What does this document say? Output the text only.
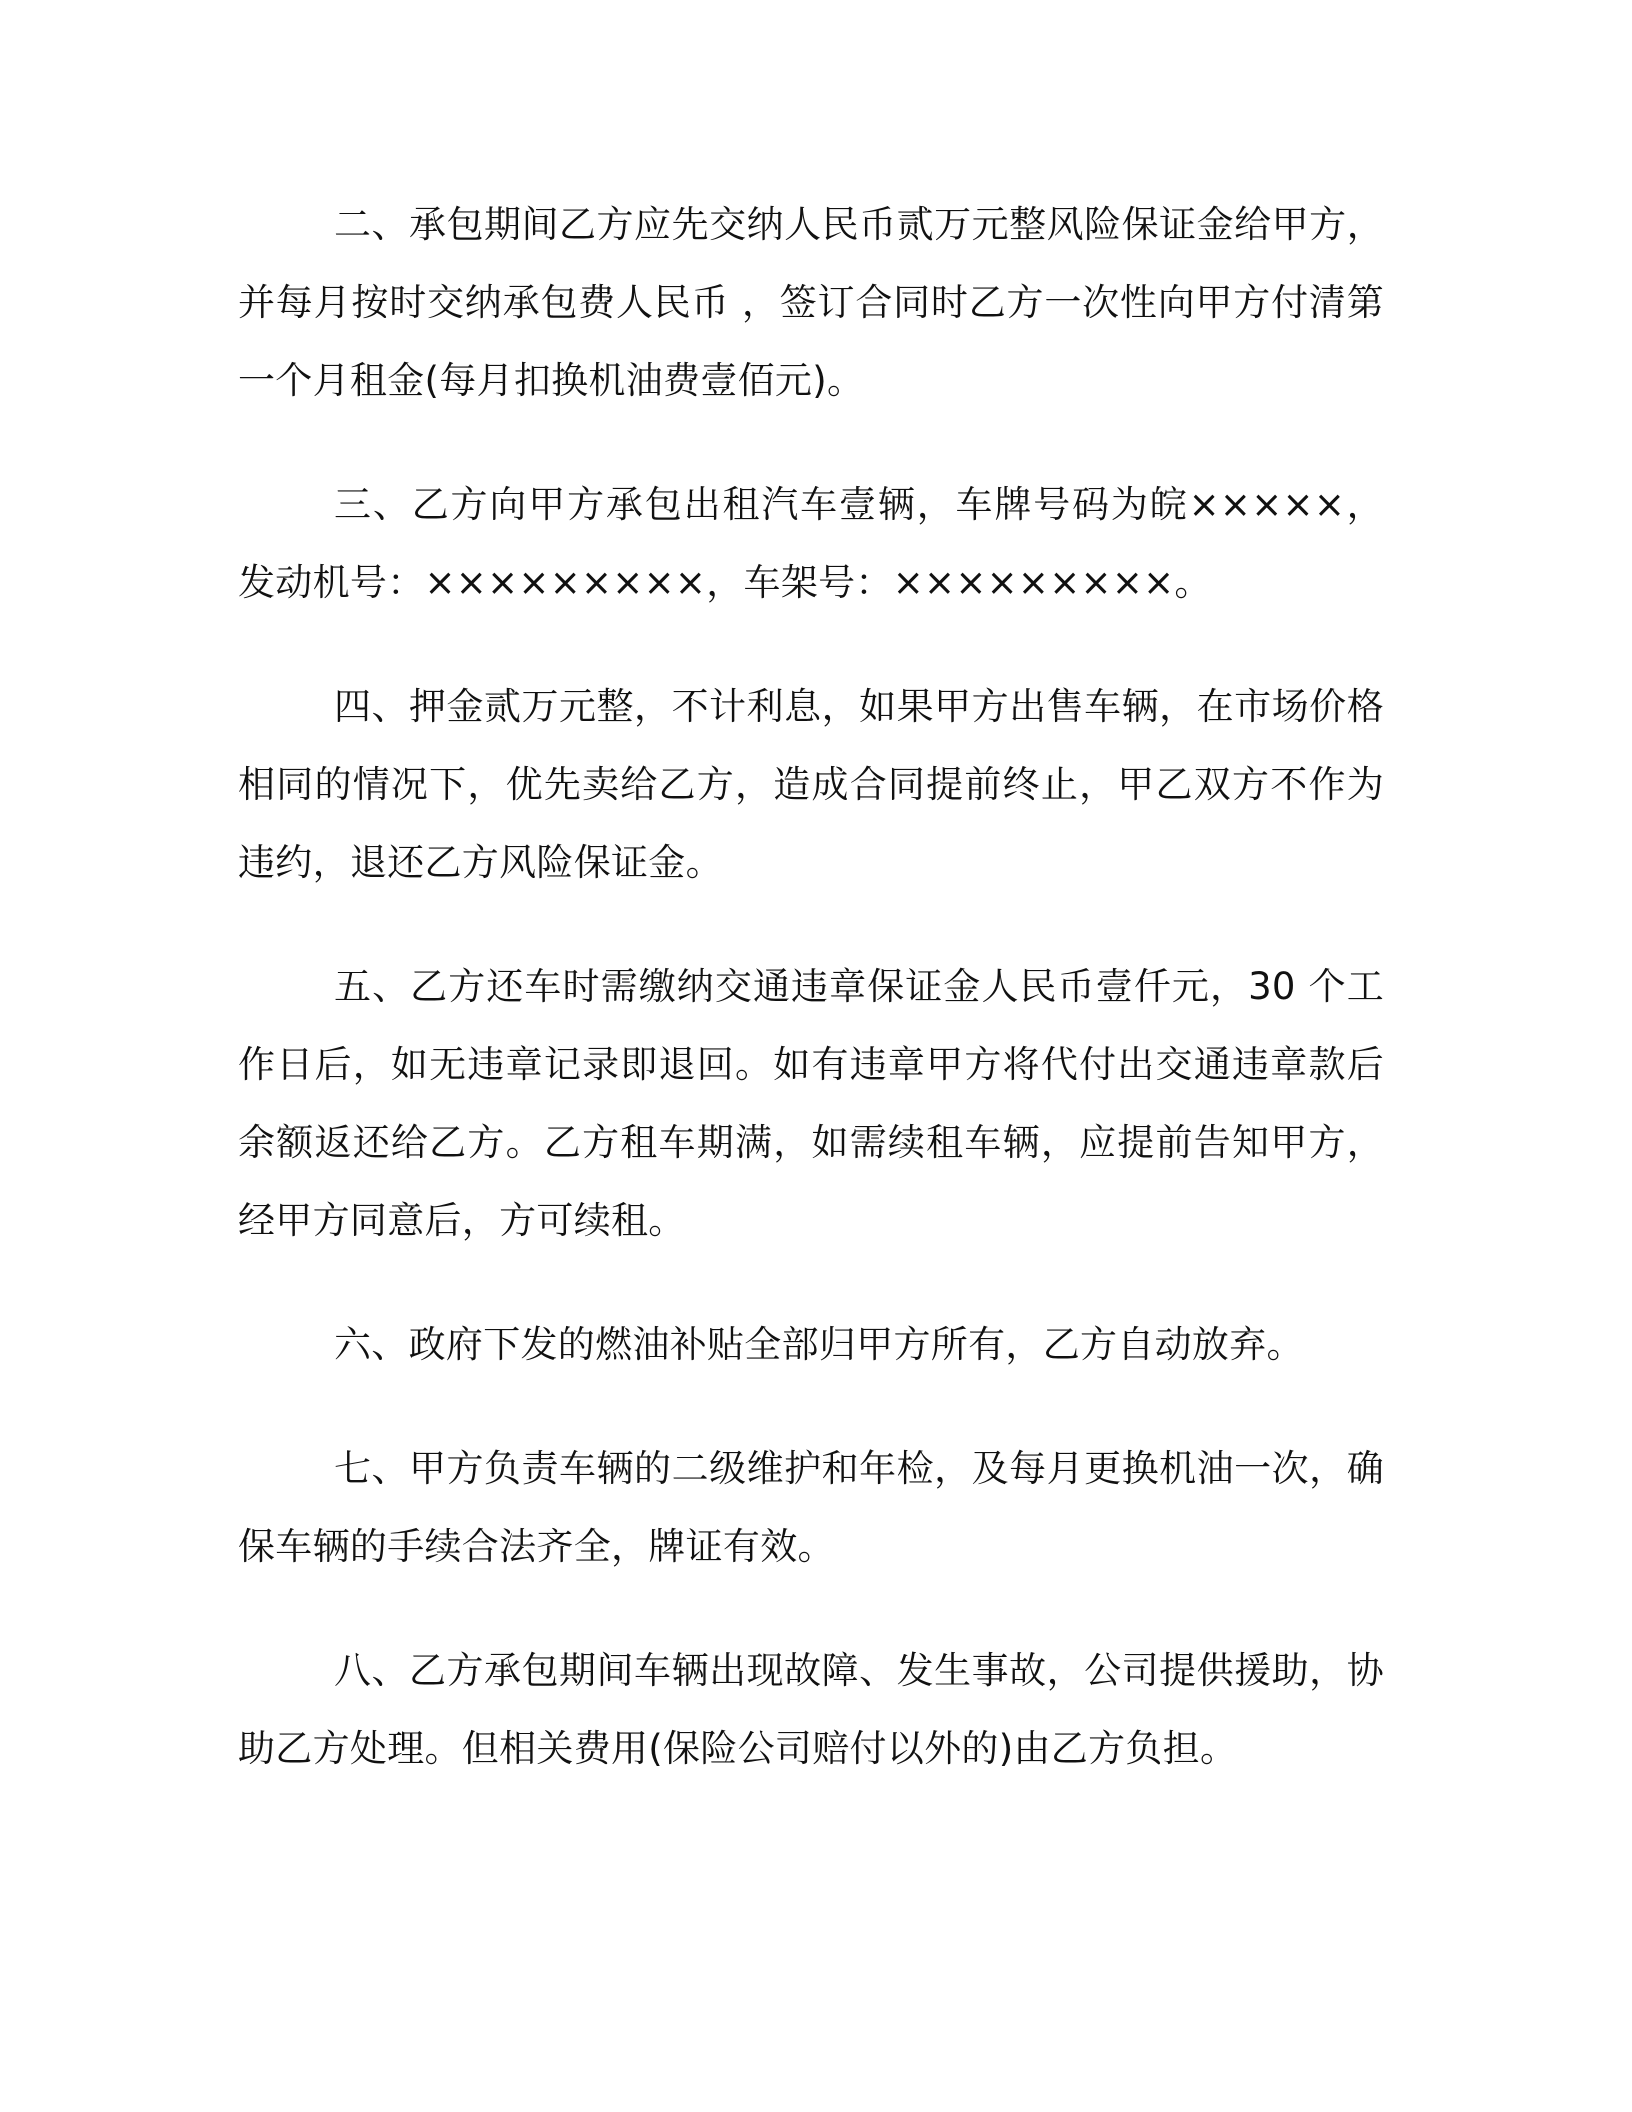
二、承包期间乙方应先交纳人民币贰万元整风险保证金给甲方，并每月按时交纳承包费人民币 ，签订合同时乙方一次性向甲方付清第一个月租金(每月扣换机油费壹佰元)。

三、乙方向甲方承包出租汽车壹辆，车牌号码为皖×××××，发动机号：×××××××××，车架号：×××××××××。

四、押金贰万元整，不计利息，如果甲方出售车辆，在市场价格相同的情况下，优先卖给乙方，造成合同提前终止，甲乙双方不作为违约，退还乙方风险保证金。

五、乙方还车时需缴纳交通违章保证金人民币壹仟元，30 个工作日后，如无违章记录即退回。如有违章甲方将代付出交通违章款后余额返还给乙方。乙方租车期满，如需续租车辆，应提前告知甲方，经甲方同意后，方可续租。

六、政府下发的燃油补贴全部归甲方所有，乙方自动放弃。

七、甲方负责车辆的二级维护和年检，及每月更换机油一次，确保车辆的手续合法齐全，牌证有效。

八、乙方承包期间车辆出现故障、发生事故，公司提供援助，协助乙方处理。但相关费用(保险公司赔付以外的)由乙方负担。
